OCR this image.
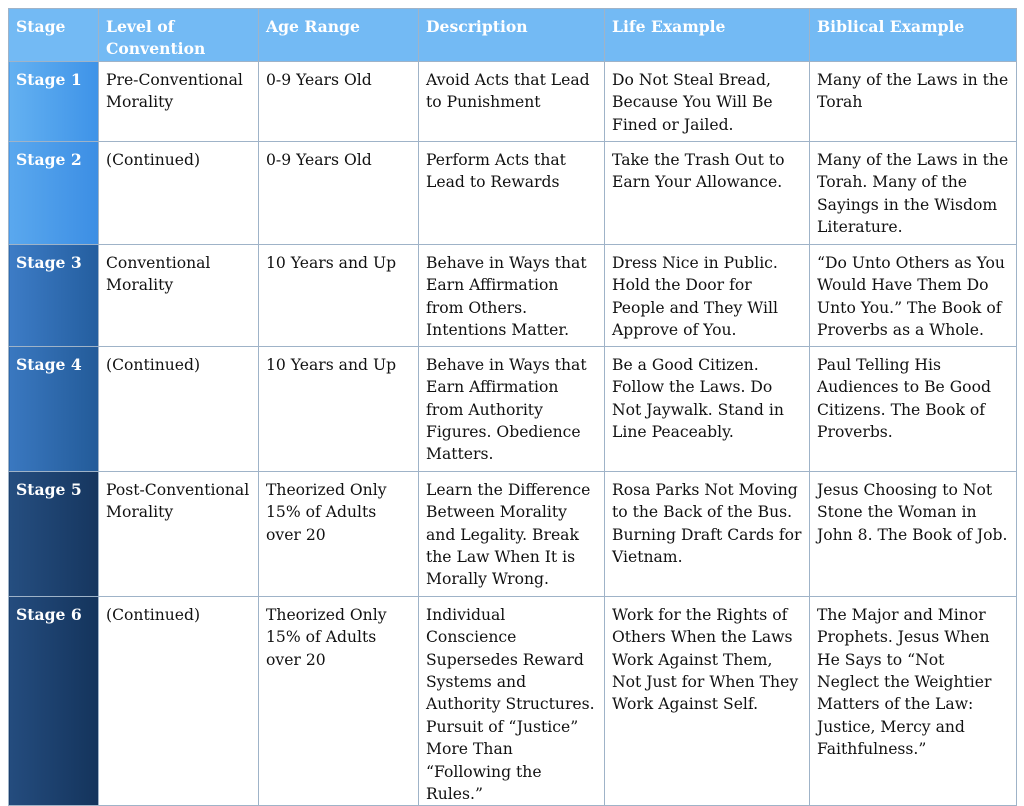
Stage	Level of Convention	Age Range	Description	Life Example	Biblical Example
Stage 1	Pre-Conventional Morality	0-9 Years Old	Avoid Acts that Lead to Punishment	Do Not Steal Bread, Because You Will Be Fined or Jailed.	Many of the Laws in the Torah
Stage 2	(Continued)	0-9 Years Old	Perform Acts that Lead to Rewards	Take the Trash Out to Earn Your Allowance.	Many of the Laws in the Torah. Many of the Sayings in the Wisdom Literature.
Stage 3	Conventional Morality	10 Years and Up	Behave in Ways that Earn Affirmation from Others. Intentions Matter.	Dress Nice in Public. Hold the Door for People and They Will Approve of You.	“Do Unto Others as You Would Have Them Do Unto You.” The Book of Proverbs as a Whole.
Stage 4	(Continued)	10 Years and Up	Behave in Ways that Earn Affirmation from Authority Figures. Obedience Matters.	Be a Good Citizen. Follow the Laws. Do Not Jaywalk. Stand in Line Peaceably.	Paul Telling His Audiences to Be Good Citizens. The Book of Proverbs.
Stage 5	Post-Conventional Morality	Theorized Only 15% of Adults over 20	Learn the Difference Between Morality and Legality. Break the Law When It is Morally Wrong.	Rosa Parks Not Moving to the Back of the Bus. Burning Draft Cards for Vietnam.	Jesus Choosing to Not Stone the Woman in John 8. The Book of Job.
Stage 6	(Continued)	Theorized Only 15% of Adults over 20	Individual Conscience Supersedes Reward Systems and Authority Structures. Pursuit of “Justice” More Than “Following the Rules.”	Work for the Rights of Others When the Laws Work Against Them, Not Just for When They Work Against Self.	The Major and Minor Prophets. Jesus When He Says to “Not Neglect the Weightier Matters of the Law: Justice, Mercy and Faithfulness.”
